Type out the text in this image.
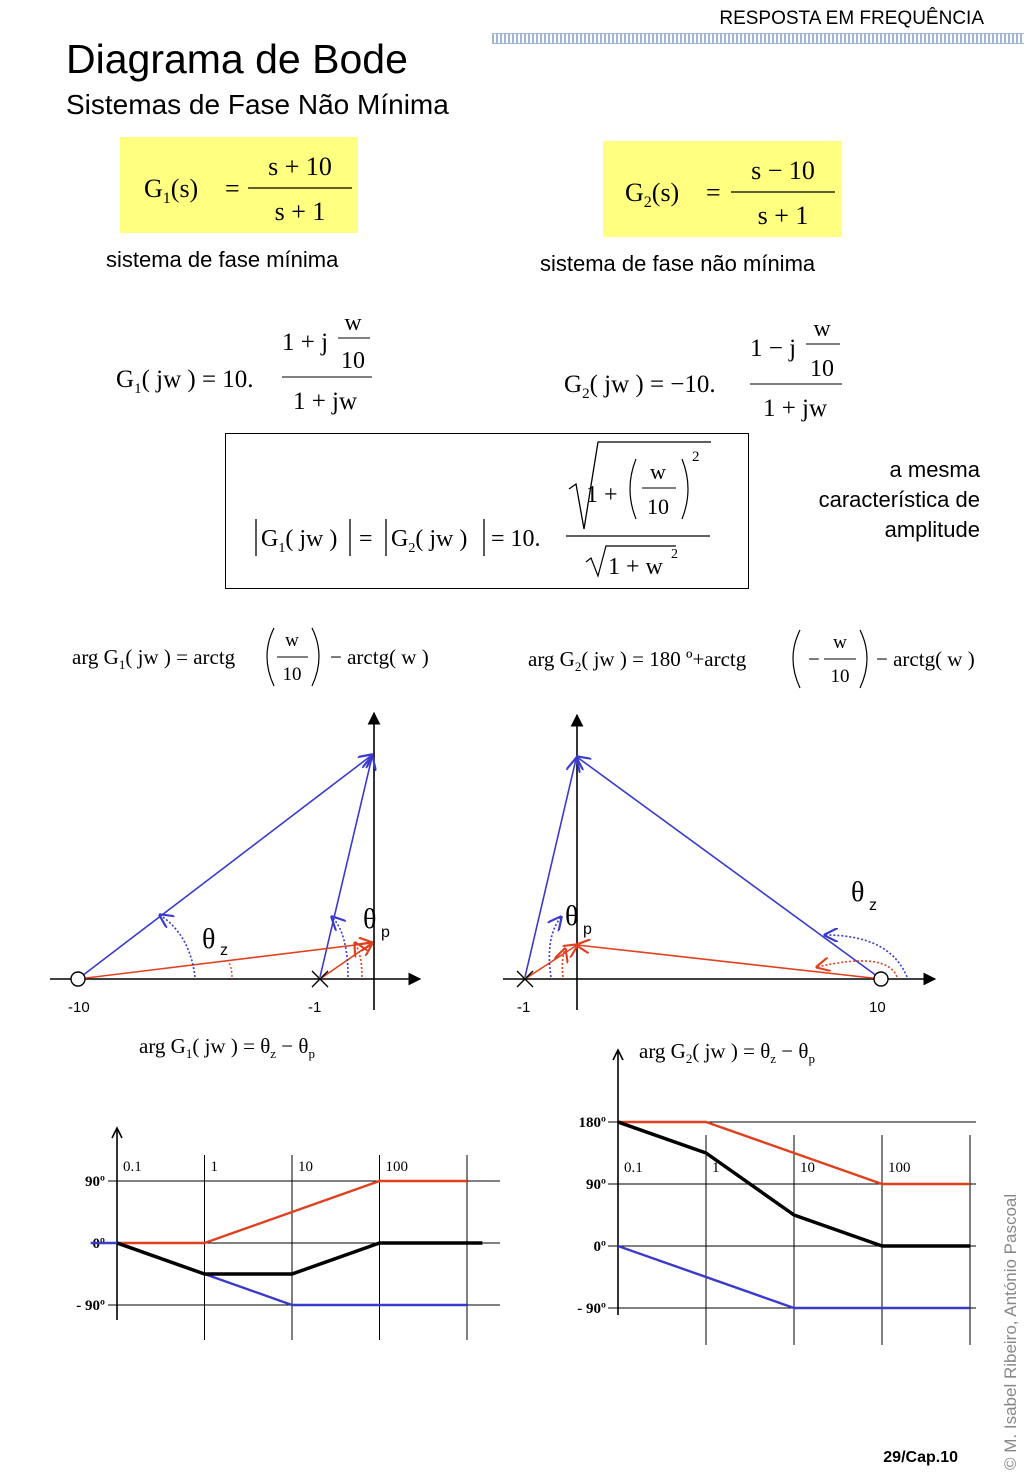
RESPOSTA EM FREQUÊNCIA
Diagrama de Bode
Sistemas de Fase Não Mínima
$G_1(s)$ =
s + 10
s + 1
$G_2(s)$ =
s − 10
s + 1
sistema de fase mínima	sistema de fase não mínima
$G_1$( jw ) = 10.
1 + j
w
10
1 + jw
$G_2$( jw ) = −10.
1 − j
w
10
1 + jw
$G_1$( jw ) = $G_2$( jw ) = 10.
1 +
w
10
2
1 + w 2
a mesma
característica de
amplitude
arg $G_1$( jw ) = arctg
w
10
− arctg( w )	arg $G_2$( jw ) = 180 º+arctg	−
w
10
− arctg( w )
θ z
θ p
-10	-1
θ z
θ p
-1	10
arg $G_1$( jw ) = $\theta_z - \theta_p$	arg $G_2$( jw ) = $\theta_z - \theta_p$
0.1	1	10	100
90º
0º
- 90º
0.1	1	10	100
180º
90º
0º
- 90º	© M. Isabel Ribeiro, António Pascoal
29/Cap.10
